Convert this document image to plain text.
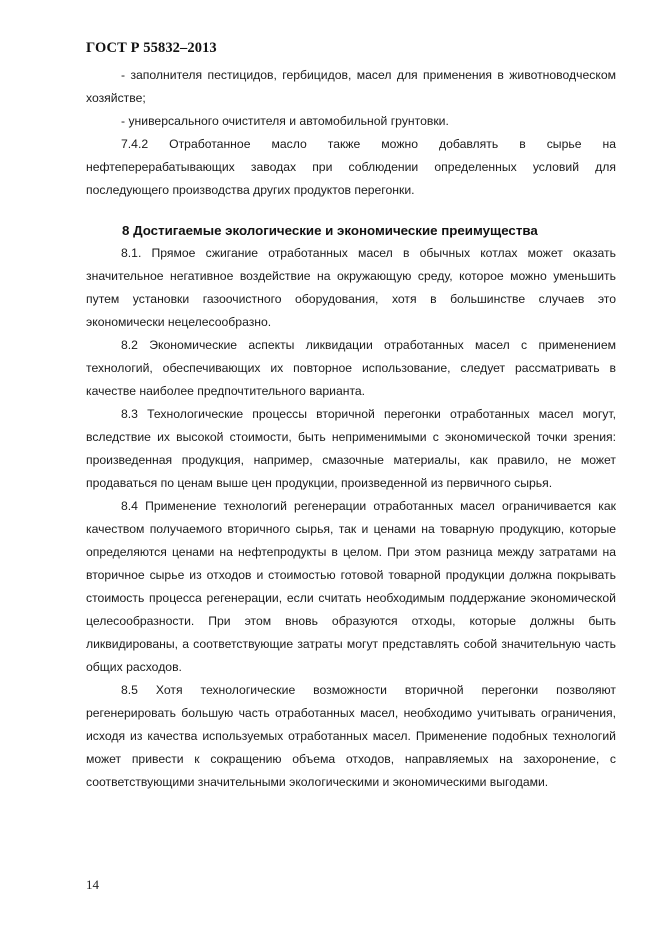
ГОСТ Р 55832–2013

- заполнителя пестицидов, гербицидов, масел для применения в животноводческом хозяйстве;

- универсального очистителя и автомобильной грунтовки.

7.4.2 Отработанное масло также можно добавлять в сырье на нефтеперерабатывающих заводах при соблюдении определенных условий для последующего производства других продуктов перегонки.

8 Достигаемые экологические и экономические преимущества

8.1. Прямое сжигание отработанных масел в обычных котлах может оказать значительное негативное воздействие на окружающую среду, которое можно уменьшить путем установки газоочистного оборудования, хотя в большинстве случаев это экономически нецелесообразно.

8.2 Экономические аспекты ликвидации отработанных масел с применением технологий, обеспечивающих их повторное использование, следует рассматривать в качестве наиболее предпочтительного варианта.

8.3 Технологические процессы вторичной перегонки отработанных масел могут, вследствие их высокой стоимости, быть неприменимыми с экономической точки зрения: произведенная продукция, например, смазочные материалы, как правило, не может продаваться по ценам выше цен продукции, произведенной из первичного сырья.

8.4 Применение технологий регенерации отработанных масел ограничивается как качеством получаемого вторичного сырья, так и ценами на товарную продукцию, которые определяются ценами на нефтепродукты в целом. При этом разница между затратами на вторичное сырье из отходов и стоимостью готовой товарной продукции должна покрывать стоимость процесса регенерации, если считать необходимым поддержание экономической целесообразности. При этом вновь образуются отходы, которые должны быть ликвидированы, а соответствующие затраты могут представлять собой значительную часть общих расходов.

8.5 Хотя технологические возможности вторичной перегонки позволяют регенерировать большую часть отработанных масел, необходимо учитывать ограничения, исходя из качества используемых отработанных масел. Применение подобных технологий может привести к сокращению объема отходов, направляемых на захоронение, с соответствующими значительными экологическими и экономическими выгодами.

14
